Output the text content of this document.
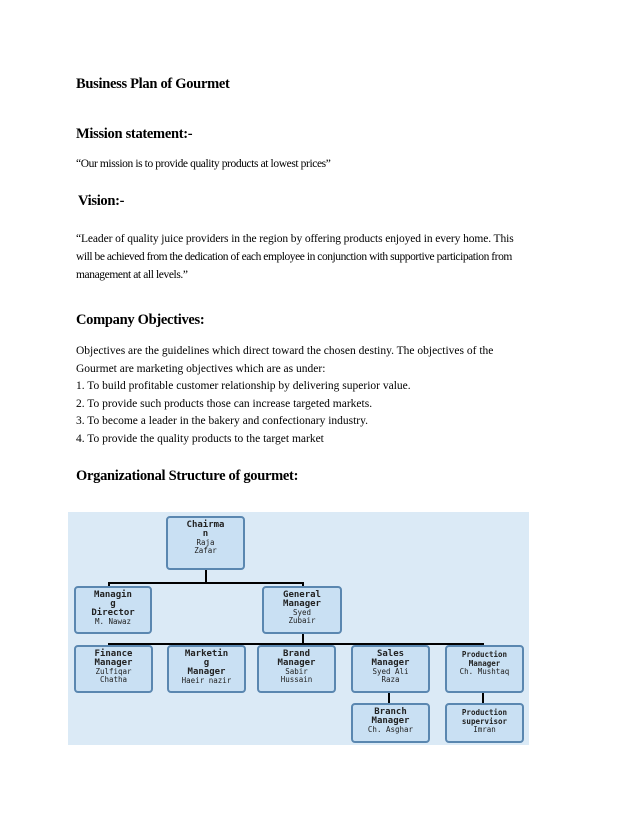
Business Plan of Gourmet
Mission statement:-
“Our mission is to provide quality products at lowest prices”
Vision:-
“Leader of quality juice providers in the region by offering products enjoyed in every home. This
will be achieved from the dedication of each employee in conjunction with supportive participation from
management at all levels.”
Company Objectives:
Objectives are the guidelines which direct toward the chosen destiny. The objectives of the
Gourmet are marketing objectives which are as under:
1. To build profitable customer relationship by delivering superior value.
2. To provide such products those can increase targeted markets.
3. To become a leader in the bakery and confectionary industry.
4. To provide the quality products to the target market
Organizational Structure of gourmet:
Chairma
n
Raja
Zafar
Managin
g
Director
M. Nawaz
General
Manager
Syed
Zubair
Finance
Manager
Zulfiqar
Chatha
Marketin
g
Manager
Haeir nazir
Brand
Manager
Sabir
Hussain
Sales
Manager
Syed Ali
Raza
Production
Manager
Ch. Mushtaq
Branch
Manager
Ch. Asghar
Production
supervisor
Imran
